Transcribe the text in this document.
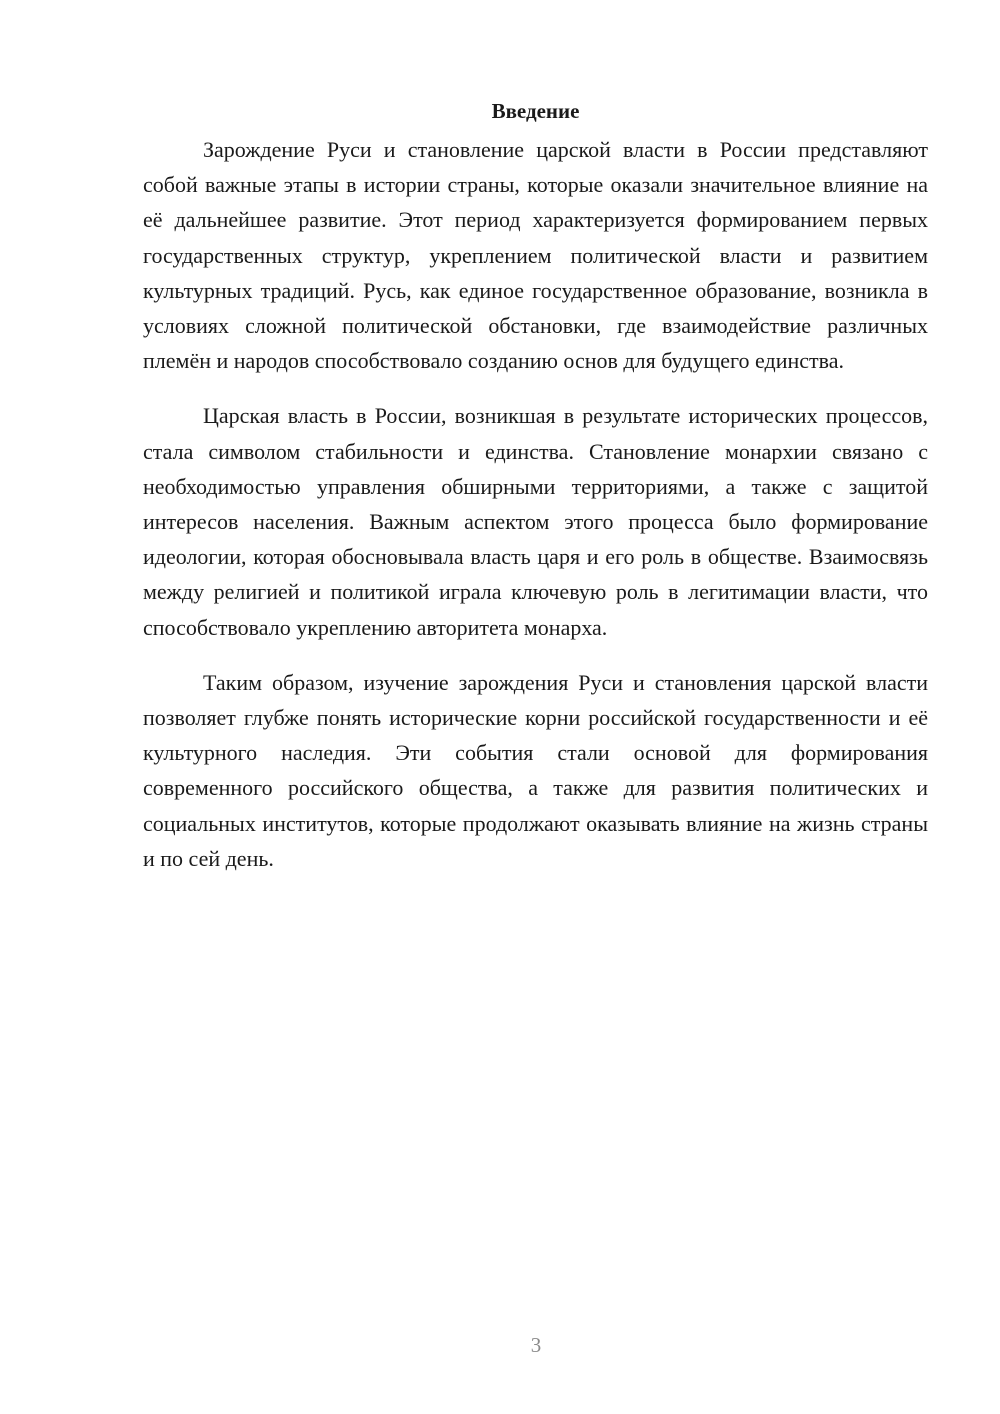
Введение

Зарождение Руси и становление царской власти в России представляют собой важные этапы в истории страны, которые оказали значительное влияние на её дальнейшее развитие. Этот период характеризуется формированием первых государственных структур, укреплением политической власти и развитием культурных традиций. Русь, как единое государственное образование, возникла в условиях сложной политической обстановки, где взаимодействие различных племён и народов способствовало созданию основ для будущего единства.

Царская власть в России, возникшая в результате исторических процессов, стала символом стабильности и единства. Становление монархии связано с необходимостью управления обширными территориями, а также с защитой интересов населения. Важным аспектом этого процесса было формирование идеологии, которая обосновывала власть царя и его роль в обществе. Взаимосвязь между религией и политикой играла ключевую роль в легитимации власти, что способствовало укреплению авторитета монарха.

Таким образом, изучение зарождения Руси и становления царской власти позволяет глубже понять исторические корни российской государственности и её культурного наследия. Эти события стали основой для формирования современного российского общества, а также для развития политических и социальных институтов, которые продолжают оказывать влияние на жизнь страны и по сей день.

3
